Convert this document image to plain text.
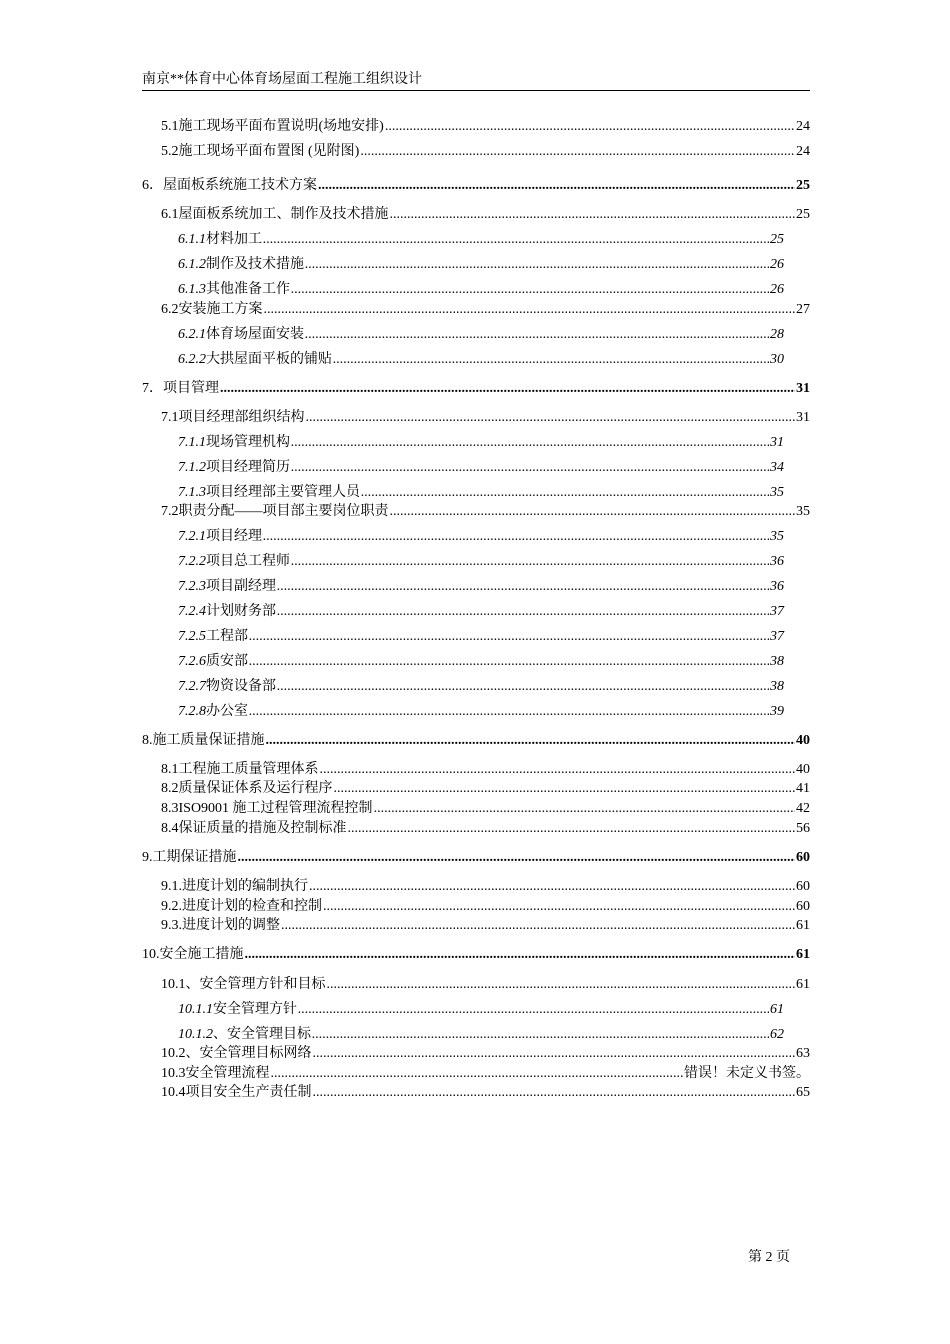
南京**体育中心体育场屋面工程施工组织设计
5.1 施工现场平面布置说明(场地安排) .....	24
5.2 施工现场平面布置图 (见附图) .....	24
6． 屋面板系统施工技术方案 .....	25
6.1 屋面板系统加工、制作及技术措施 .....	25
6.1.1 材料加工 .....	25
6.1.2 制作及技术措施 .....	26
6.1.3 其他准备工作 .....	26
6.2 安装施工方案 .....	27
6.2.1 体育场屋面安装 .....	28
6.2.2 大拱屋面平板的铺贴 .....	30
7． 项目管理 .....	31
7.1 项目经理部组织结构 .....	31
7.1.1 现场管理机构 .....	31
7.1.2 项目经理简历 .....	34
7.1.3 项目经理部主要管理人员 .....	35
7.2 职责分配——项目部主要岗位职责 .....	35
7.2.1 项目经理 .....	35
7.2.2 项目总工程师 .....	36
7.2.3 项目副经理 .....	36
7.2.4 计划财务部 .....	37
7.2.5 工程部 .....	37
7.2.6 质安部 .....	38
7.2.7 物资设备部 .....	38
7.2.8 办公室 .....	39
8. 施工质量保证措施 .....	40
8.1 工程施工质量管理体系 .....	40
8.2 质量保证体系及运行程序 .....	41
8.3 ISO9001 施工过程管理流程控制 .....	42
8.4 保证质量的措施及控制标准 .....	56
9. 工期保证措施 .....	60
9.1. 进度计划的编制执行 .....	60
9.2. 进度计划的检查和控制 .....	60
9.3. 进度计划的调整 .....	61
10. 安全施工措施 .....	61
10.1 、安全管理方针和目标 .....	61
10.1.1 安全管理方针 .....	61
10.1.2 、安全管理目标 .....	62
10.2 、安全管理目标网络 .....	63
10.3 安全管理流程 .....	错误！未定义书签。
10.4 项目安全生产责任制 .....	65
第 2 页
